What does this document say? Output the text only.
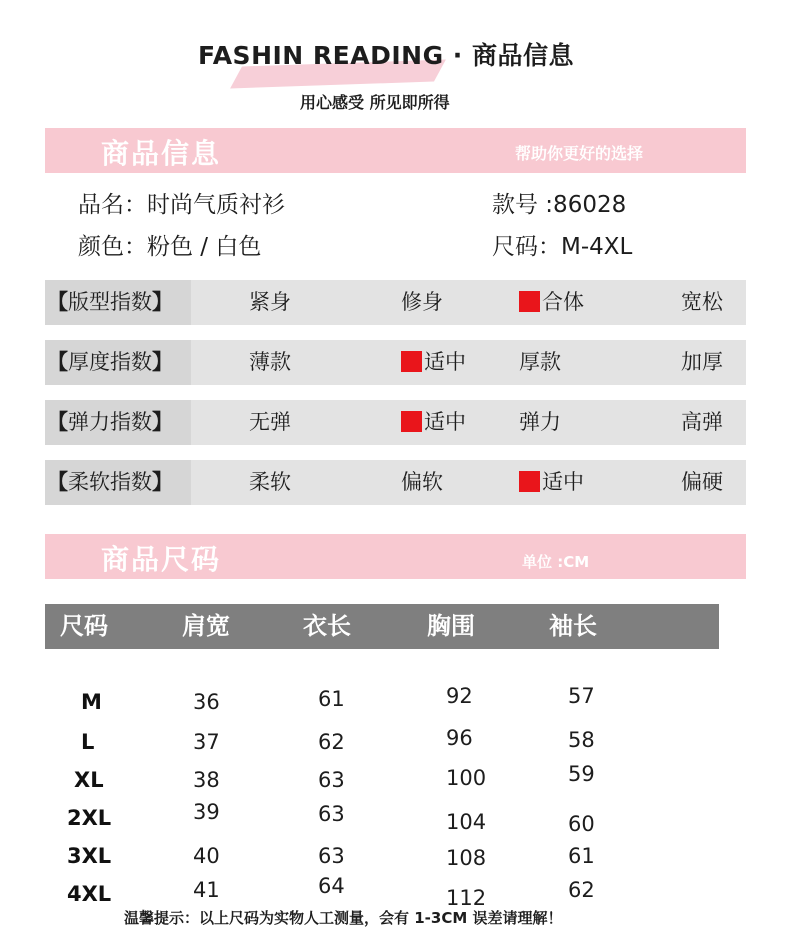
FASHIN READING · 商品信息
用心感受 所见即所得
商品信息	帮助你更好的选择
品名：时尚气质衬衫	款号 :86028
颜色：粉色 / 白色	尺码：M-4XL
【版型指数】	紧身	修身	合体	宽松
【厚度指数】	薄款	适中	厚款	加厚
【弹力指数】	无弹	适中	弹力	高弹
【柔软指数】	柔软	偏软	适中	偏硬
商品尺码	单位 :CM
尺码	肩宽	衣长	胸围	袖长
M	36	61	92	57
L	37	62	96	58
XL	38	63	100	59
2XL	39	63	104	60
3XL	40	63	108	61
4XL	41	64	112	62
温馨提示：以上尺码为实物人工测量，会有 1-3CM 误差请理解！
